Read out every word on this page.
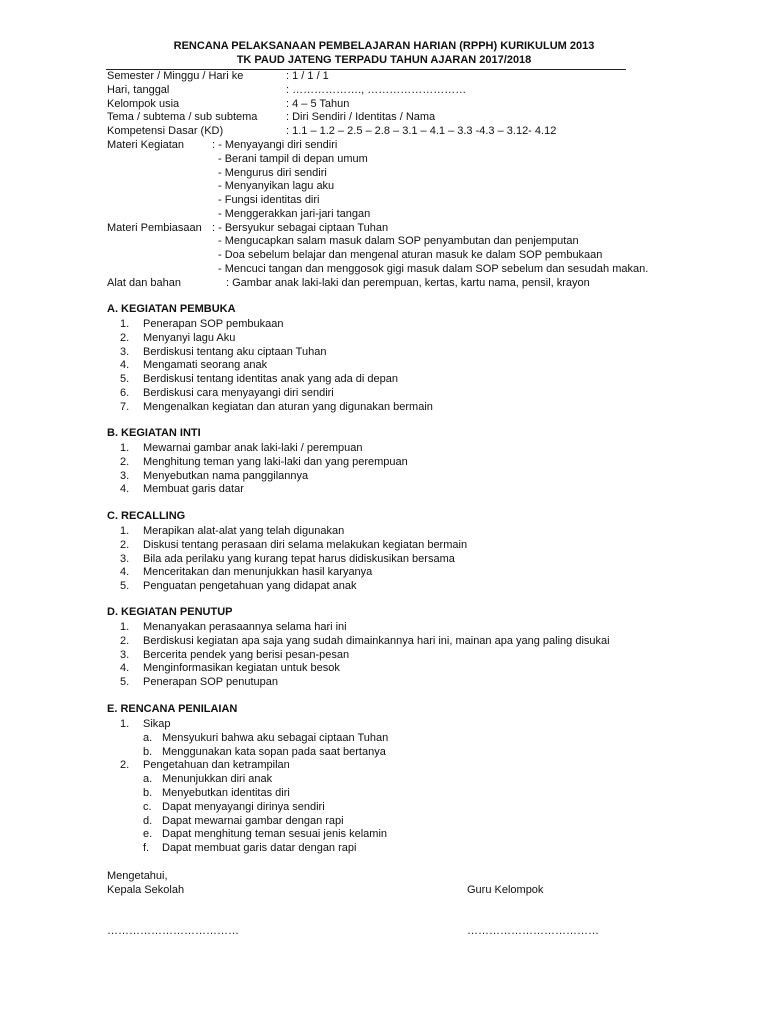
RENCANA PELAKSANAAN PEMBELAJARAN HARIAN (RPPH) KURIKULUM 2013
TK PAUD JATENG TERPADU TAHUN AJARAN 2017/2018
Semester / Minggu / Hari ke	: 1 / 1 / 1
Hari, tanggal	: ………………., ………………………
Kelompok usia	: 4 – 5 Tahun
Tema / subtema / sub subtema	: Diri Sendiri / Identitas / Nama
Kompetensi Dasar (KD)	: 1.1 – 1.2 – 2.5 – 2.8 – 3.1 – 4.1 – 3.3 -4.3 – 3.12- 4.12
Materi Kegiatan	: - Menyayangi diri sendiri
- Berani tampil di depan umum
- Mengurus diri sendiri
- Menyanyikan lagu aku
- Fungsi identitas diri
- Menggerakkan jari-jari tangan
Materi Pembiasaan : - Bersyukur sebagai ciptaan Tuhan
- Mengucapkan salam masuk dalam SOP penyambutan dan penjemputan
- Doa sebelum belajar dan mengenal aturan masuk ke dalam SOP pembukaan
- Mencuci tangan dan menggosok gigi masuk dalam SOP sebelum dan sesudah makan.
Alat dan bahan	: Gambar anak laki-laki dan perempuan, kertas, kartu nama, pensil, krayon
A. KEGIATAN PEMBUKA
1. Penerapan SOP pembukaan
2. Menyanyi lagu Aku
3. Berdiskusi tentang aku ciptaan Tuhan
4. Mengamati seorang anak
5. Berdiskusi tentang identitas anak yang ada di depan
6. Berdiskusi cara menyayangi diri sendiri
7. Mengenalkan kegiatan dan aturan yang digunakan bermain
B. KEGIATAN INTI
1. Mewarnai gambar anak laki-laki / perempuan
2. Menghitung teman yang laki-laki dan yang perempuan
3. Menyebutkan nama panggilannya
4. Membuat garis datar
C. RECALLING
1. Merapikan alat-alat yang telah digunakan
2. Diskusi tentang perasaan diri selama melakukan kegiatan bermain
3. Bila ada perilaku yang kurang tepat harus didiskusikan bersama
4. Menceritakan dan menunjukkan hasil karyanya
5. Penguatan pengetahuan yang didapat anak
D. KEGIATAN PENUTUP
1. Menanyakan perasaannya selama hari ini
2. Berdiskusi kegiatan apa saja yang sudah dimainkannya hari ini, mainan apa yang paling disukai
3. Bercerita pendek yang berisi pesan-pesan
4. Menginformasikan kegiatan untuk besok
5. Penerapan SOP penutupan
E. RENCANA PENILAIAN
1. Sikap
a. Mensyukuri bahwa aku sebagai ciptaan Tuhan
b. Menggunakan kata sopan pada saat bertanya
2. Pengetahuan dan ketrampilan
a. Menunjukkan diri anak
b. Menyebutkan identitas diri
c. Dapat menyayangi dirinya sendiri
d. Dapat mewarnai gambar dengan rapi
e. Dapat menghitung teman sesuai jenis kelamin
f. Dapat membuat garis datar dengan rapi
Mengetahui,
Kepala Sekolah	Guru Kelompok
………………………………	………………………………
